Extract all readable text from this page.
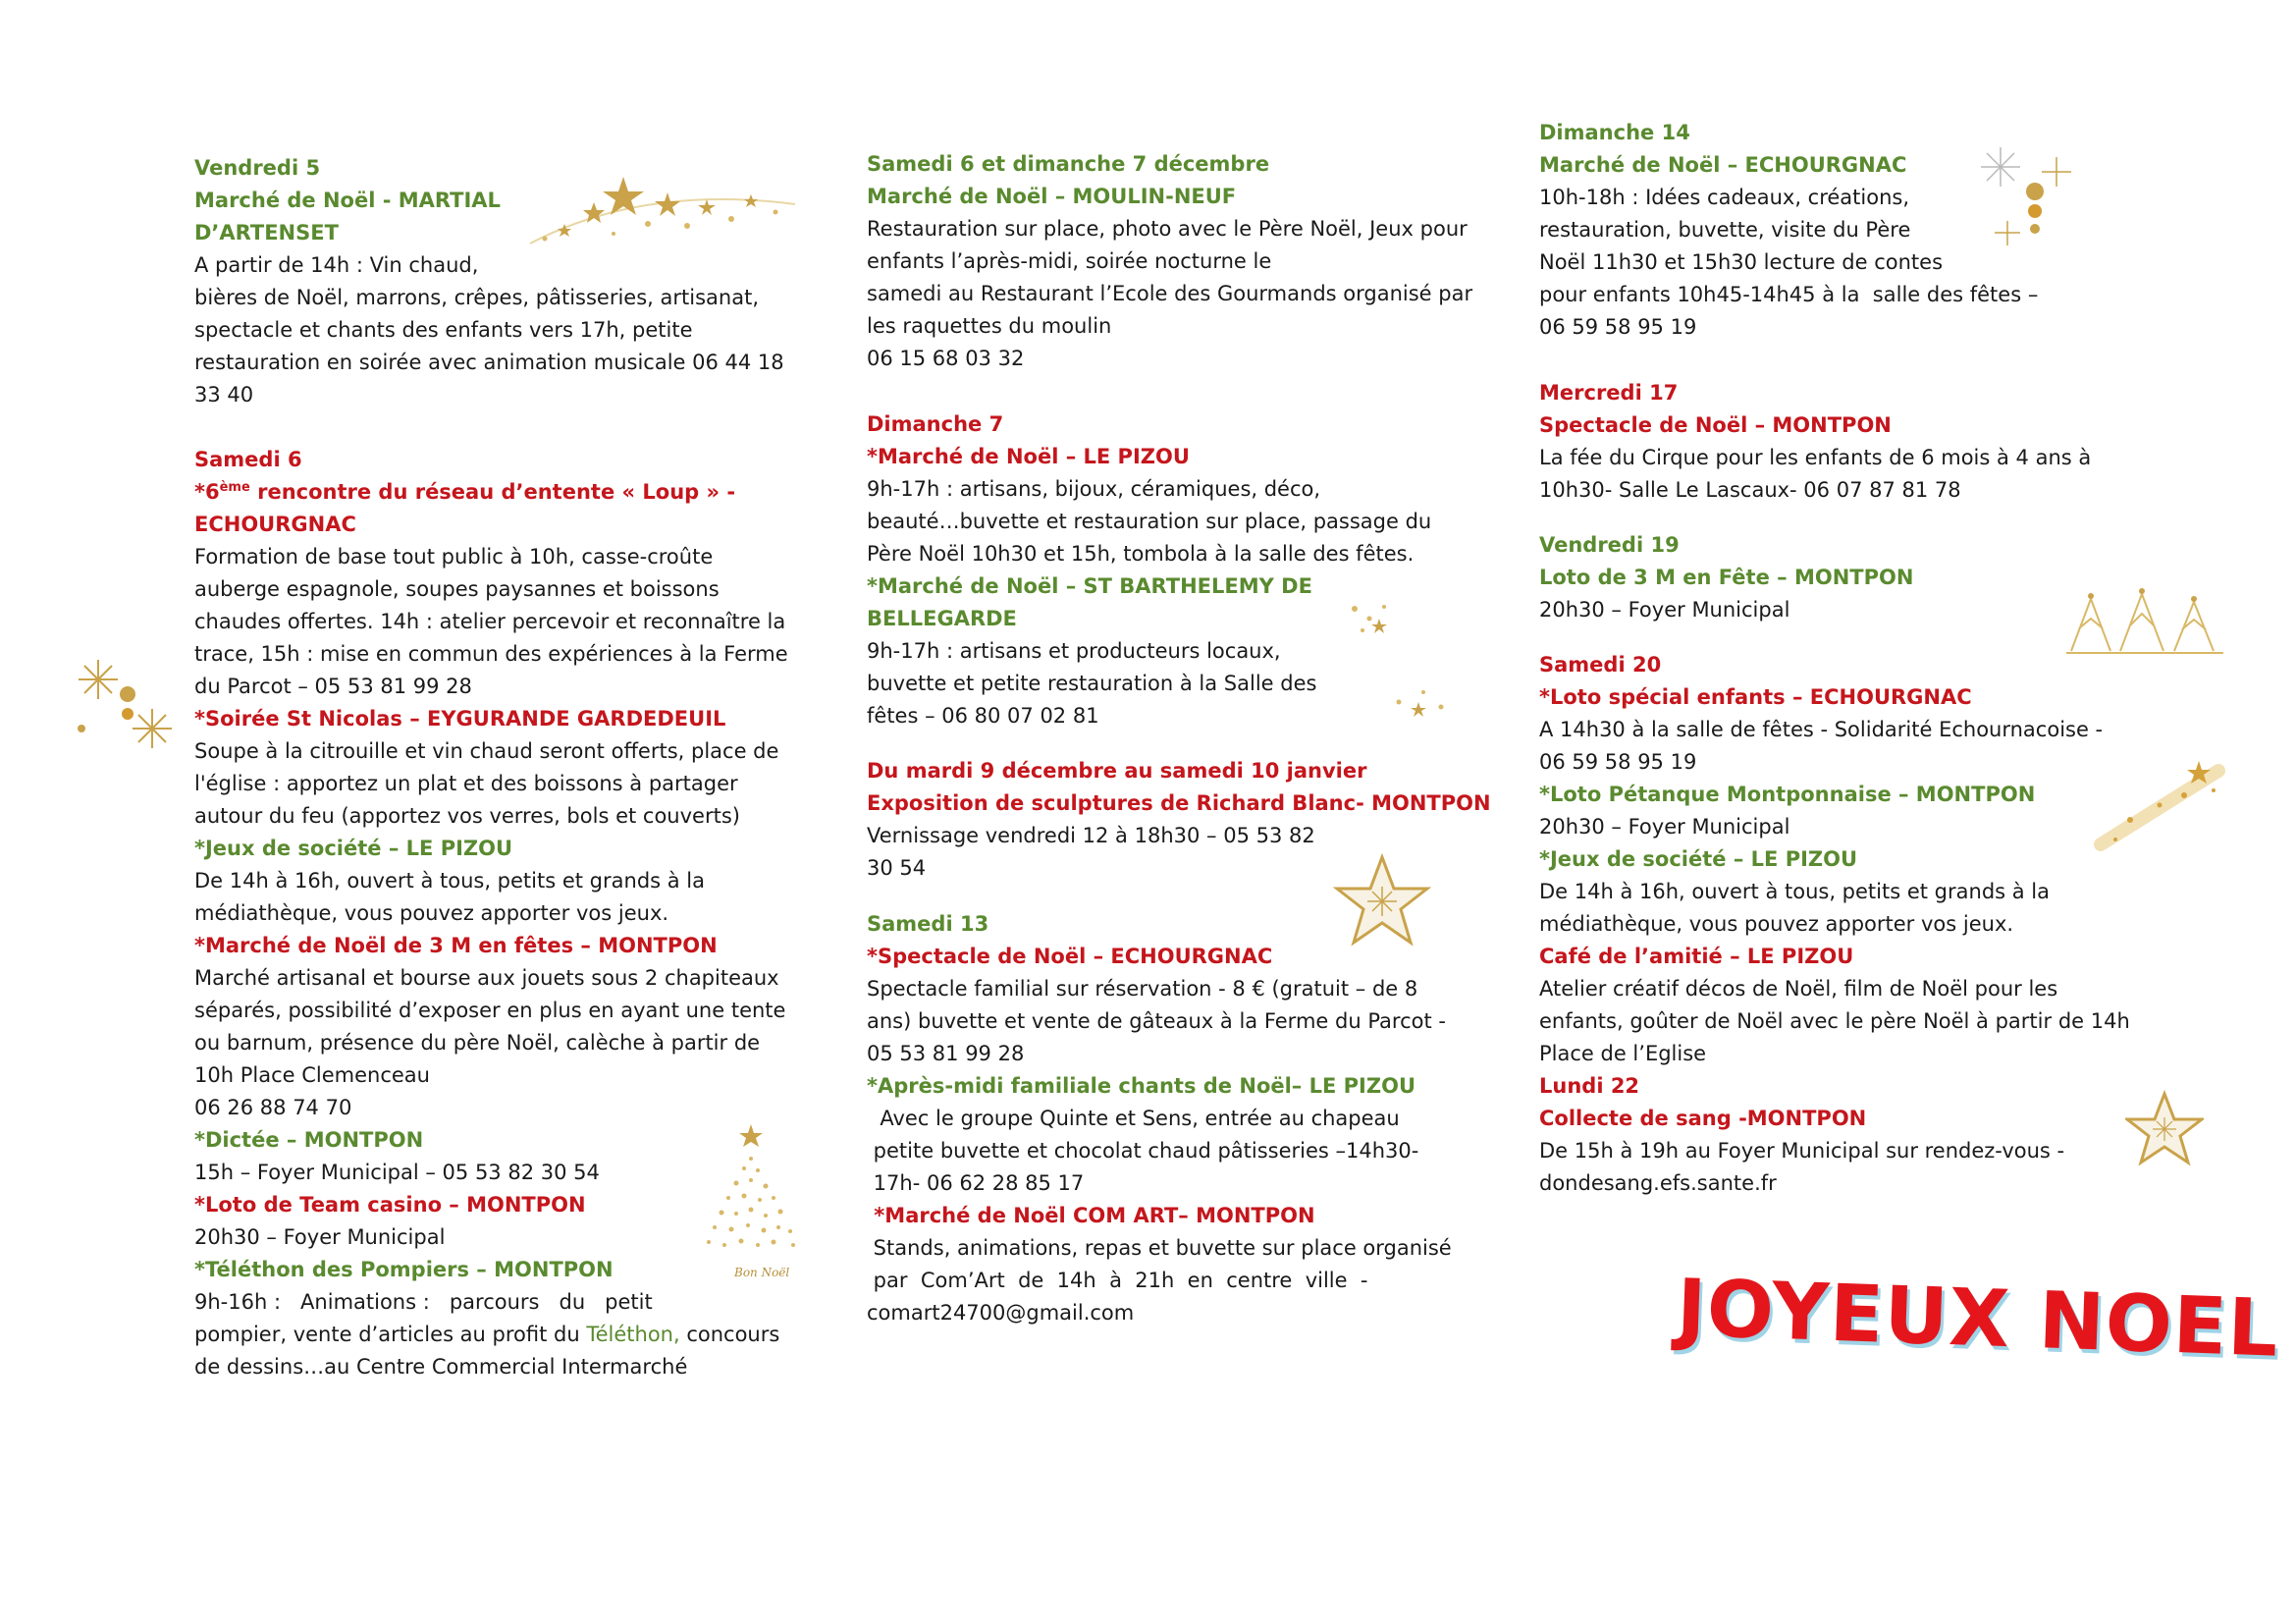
Vendredi 5
Marché de Noël - MARTIAL
D’ARTENSET
A partir de 14h : Vin chaud,
bières de Noël, marrons, crêpes, pâtisseries, artisanat,
spectacle et chants des enfants vers 17h, petite
restauration en soirée avec animation musicale 06 44 18
33 40
Samedi 6
*6ème rencontre du réseau d’entente « Loup » -
ECHOURGNAC
Formation de base tout public à 10h, casse-croûte
auberge espagnole, soupes paysannes et boissons
chaudes offertes. 14h : atelier percevoir et reconnaître la
trace, 15h : mise en commun des expériences à la Ferme
du Parcot – 05 53 81 99 28
*Soirée St Nicolas – EYGURANDE GARDEDEUIL
Soupe à la citrouille et vin chaud seront offerts, place de
l'église : apportez un plat et des boissons à partager
autour du feu (apportez vos verres, bols et couverts)
*Jeux de société – LE PIZOU
De 14h à 16h, ouvert à tous, petits et grands à la
médiathèque, vous pouvez apporter vos jeux.
*Marché de Noël de 3 M en fêtes – MONTPON
Marché artisanal et bourse aux jouets sous 2 chapiteaux
séparés, possibilité d’exposer en plus en ayant une tente
ou barnum, présence du père Noël, calèche à partir de
10h Place Clemenceau
06 26 88 74 70
*Dictée – MONTPON
15h – Foyer Municipal – 05 53 82 30 54
*Loto de Team casino – MONTPON
20h30 – Foyer Municipal
*Téléthon des Pompiers – MONTPON
9h-16h :   Animations :   parcours   du   petit
pompier, vente d’articles au profit du Téléthon, concours
de dessins…au Centre Commercial Intermarché
Samedi 6 et dimanche 7 décembre
Marché de Noël – MOULIN-NEUF
Restauration sur place, photo avec le Père Noël, Jeux pour
enfants l’après-midi, soirée nocturne le
samedi au Restaurant l’Ecole des Gourmands organisé par
les raquettes du moulin
06 15 68 03 32
Dimanche 7
*Marché de Noël – LE PIZOU
9h-17h : artisans, bijoux, céramiques, déco,
beauté…buvette et restauration sur place, passage du
Père Noël 10h30 et 15h, tombola à la salle des fêtes.
*Marché de Noël – ST BARTHELEMY DE
BELLEGARDE
9h-17h : artisans et producteurs locaux,
buvette et petite restauration à la Salle des
fêtes – 06 80 07 02 81
Du mardi 9 décembre au samedi 10 janvier
Exposition de sculptures de Richard Blanc- MONTPON
Vernissage vendredi 12 à 18h30 – 05 53 82
30 54
Samedi 13
*Spectacle de Noël – ECHOURGNAC
Spectacle familial sur réservation - 8 € (gratuit – de 8
ans) buvette et vente de gâteaux à la Ferme du Parcot -
05 53 81 99 28
*Après-midi familiale chants de Noël– LE PIZOU
Avec le groupe Quinte et Sens, entrée au chapeau
petite buvette et chocolat chaud pâtisseries –14h30-
17h- 06 62 28 85 17
*Marché de Noël COM ART– MONTPON
Stands, animations, repas et buvette sur place organisé
par  Com’Art  de  14h  à  21h  en  centre  ville  -
comart24700@gmail.com
Dimanche 14
Marché de Noël – ECHOURGNAC
10h-18h : Idées cadeaux, créations,
restauration, buvette, visite du Père
Noël 11h30 et 15h30 lecture de contes
pour enfants 10h45-14h45 à la  salle des fêtes –
06 59 58 95 19
Mercredi 17
Spectacle de Noël – MONTPON
La fée du Cirque pour les enfants de 6 mois à 4 ans à
10h30- Salle Le Lascaux- 06 07 87 81 78
Vendredi 19
Loto de 3 M en Fête – MONTPON
20h30 – Foyer Municipal
Samedi 20
*Loto spécial enfants – ECHOURGNAC
A 14h30 à la salle de fêtes - Solidarité Echournacoise -
06 59 58 95 19
*Loto Pétanque Montponnaise – MONTPON
20h30 – Foyer Municipal
*Jeux de société – LE PIZOU
De 14h à 16h, ouvert à tous, petits et grands à la
médiathèque, vous pouvez apporter vos jeux.
Café de l’amitié – LE PIZOU
Atelier créatif décos de Noël, film de Noël pour les
enfants, goûter de Noël avec le père Noël à partir de 14h
Place de l’Eglise
Lundi 22
Collecte de sang -MONTPON
De 15h à 19h au Foyer Municipal sur rendez-vous -
dondesang.efs.sante.fr
Bon Noël	JOYEUX NOEL
